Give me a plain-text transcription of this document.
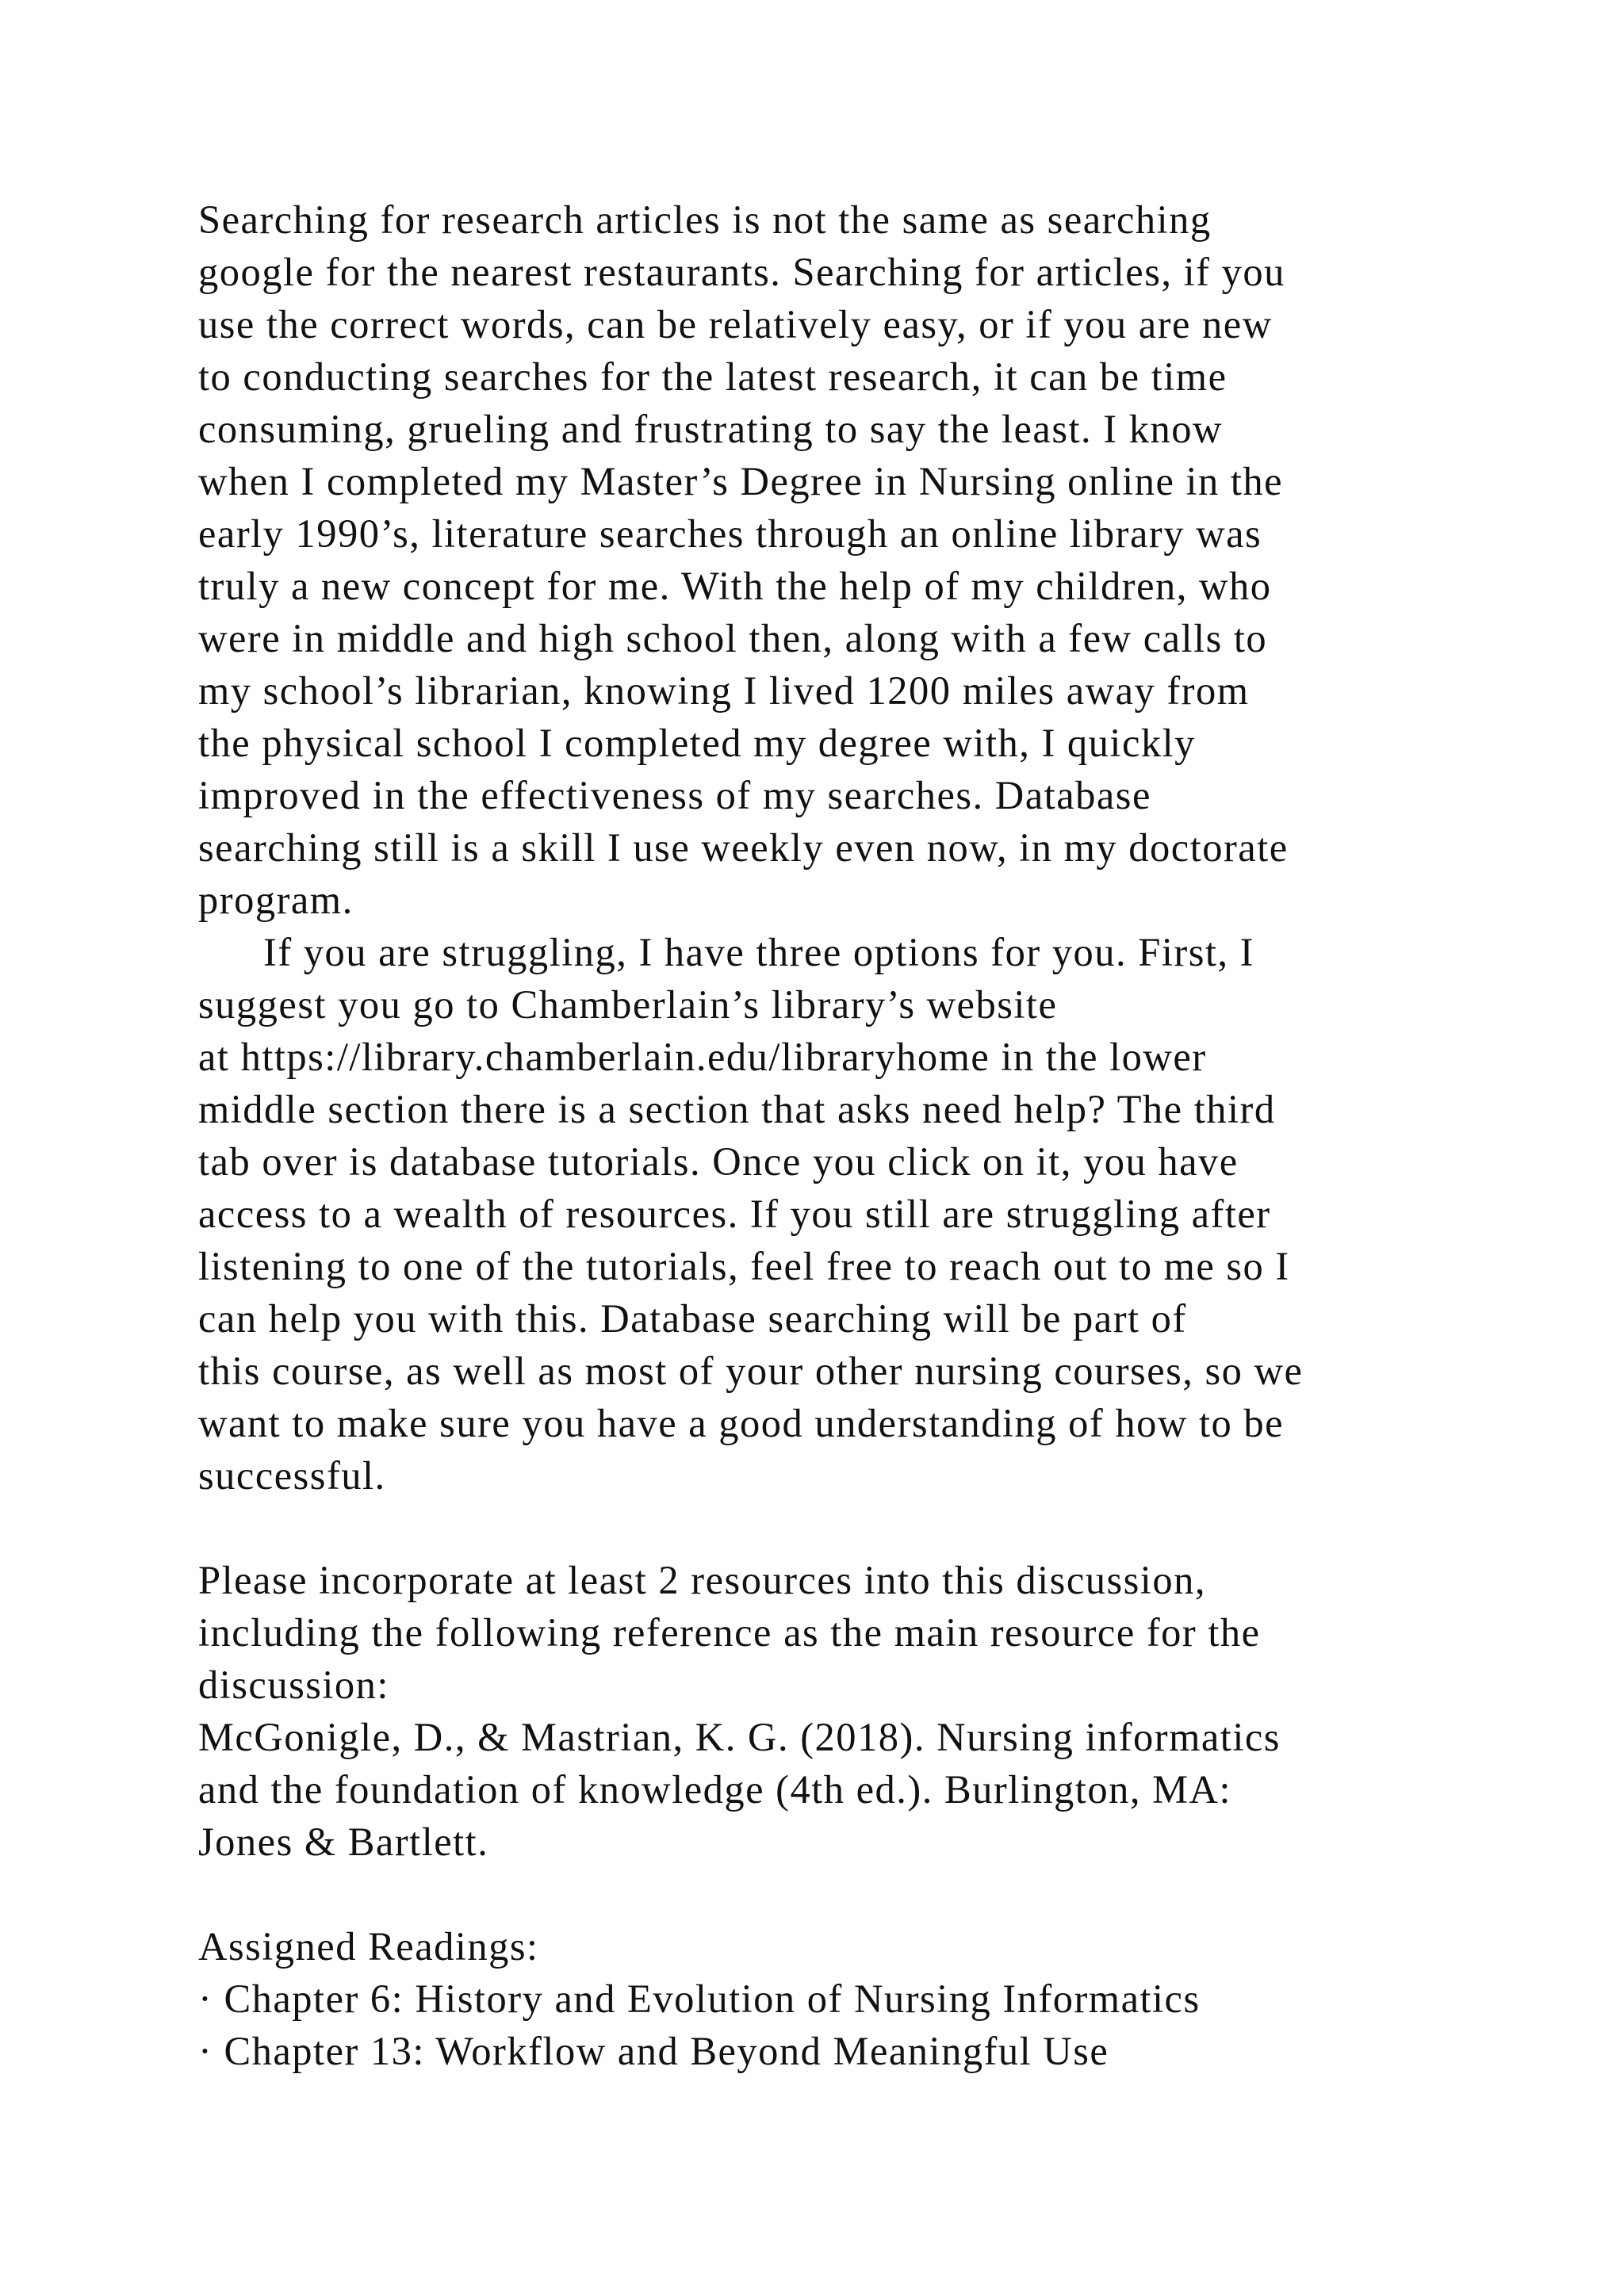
Searching for research articles is not the same as searching
google for the nearest restaurants. Searching for articles, if you
use the correct words, can be relatively easy, or if you are new
to conducting searches for the latest research, it can be time
consuming, grueling and frustrating to say the least. I know
when I completed my Master’s Degree in Nursing online in the
early 1990’s, literature searches through an online library was
truly a new concept for me. With the help of my children, who
were in middle and high school then, along with a few calls to
my school’s librarian, knowing I lived 1200 miles away from
the physical school I completed my degree with, I quickly
improved in the effectiveness of my searches. Database
searching still is a skill I use weekly even now, in my doctorate
program.
If you are struggling, I have three options for you. First, I
suggest you go to Chamberlain’s library’s website
at https://library.chamberlain.edu/libraryhome in the lower
middle section there is a section that asks need help? The third
tab over is database tutorials. Once you click on it, you have
access to a wealth of resources. If you still are struggling after
listening to one of the tutorials, feel free to reach out to me so I
can help you with this. Database searching will be part of
this course, as well as most of your other nursing courses, so we
want to make sure you have a good understanding of how to be
successful.
Please incorporate at least 2 resources into this discussion,
including the following reference as the main resource for the
discussion:
McGonigle, D., & Mastrian, K. G. (2018). Nursing informatics
and the foundation of knowledge (4th ed.). Burlington, MA:
Jones & Bartlett.
Assigned Readings:
· Chapter 6: History and Evolution of Nursing Informatics
· Chapter 13: Workflow and Beyond Meaningful Use
